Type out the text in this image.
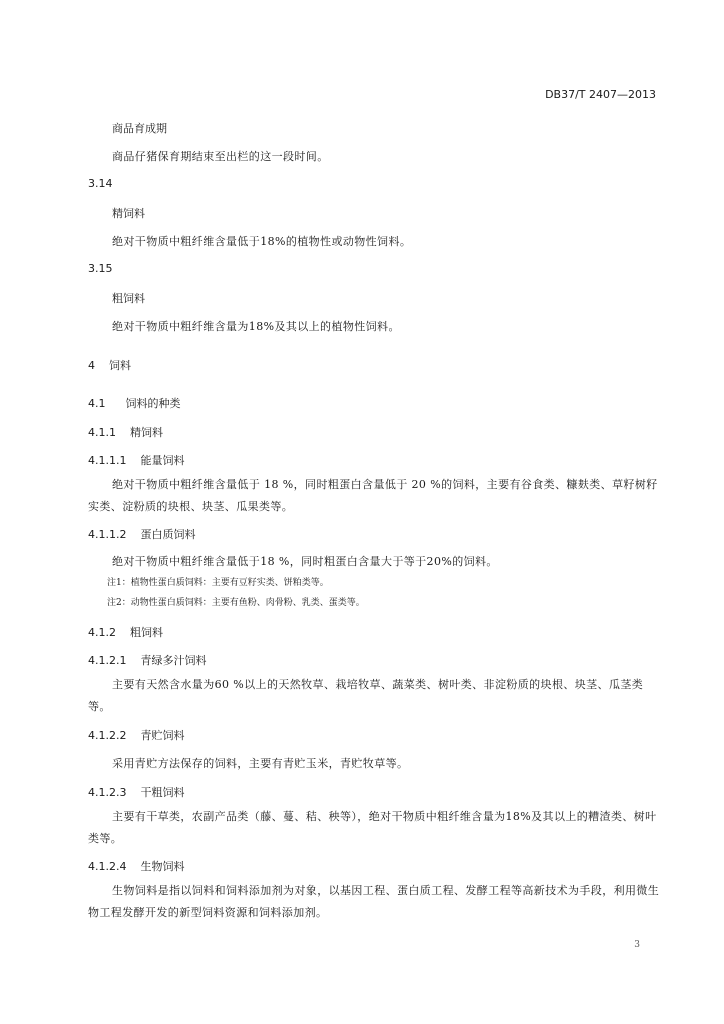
DB37/T 2407—2013
商品育成期
商品仔猪保育期结束至出栏的这一段时间。
3.14
精饲料
绝对干物质中粗纤维含量低于18%的植物性或动物性饲料。
3.15
粗饲料
绝对干物质中粗纤维含量为18%及其以上的植物性饲料。
4 饲料
4.1 饲料的种类
4.1.1 精饲料
4.1.1.1 能量饲料
绝对干物质中粗纤维含量低于 18 %，同时粗蛋白含量低于 20 %的饲料，主要有谷食类、糠麸类、草籽树籽实类、淀粉质的块根、块茎、瓜果类等。
4.1.1.2 蛋白质饲料
绝对干物质中粗纤维含量低于18 %，同时粗蛋白含量大于等于20%的饲料。
注1：植物性蛋白质饲料：主要有豆籽实类、饼粕类等。
注2：动物性蛋白质饲料：主要有鱼粉、肉骨粉、乳类、蛋类等。
4.1.2 粗饲料
4.1.2.1 青绿多汁饲料
主要有天然含水量为60 %以上的天然牧草、栽培牧草、蔬菜类、树叶类、非淀粉质的块根、块茎、瓜茎类等。
4.1.2.2 青贮饲料
采用青贮方法保存的饲料，主要有青贮玉米，青贮牧草等。
4.1.2.3 干粗饲料
主要有干草类，农副产品类（藤、蔓、秸、秧等），绝对干物质中粗纤维含量为18%及其以上的糟渣类、树叶类等。
4.1.2.4 生物饲料
生物饲料是指以饲料和饲料添加剂为对象，以基因工程、蛋白质工程、发酵工程等高新技术为手段，利用微生物工程发酵开发的新型饲料资源和饲料添加剂。
3
